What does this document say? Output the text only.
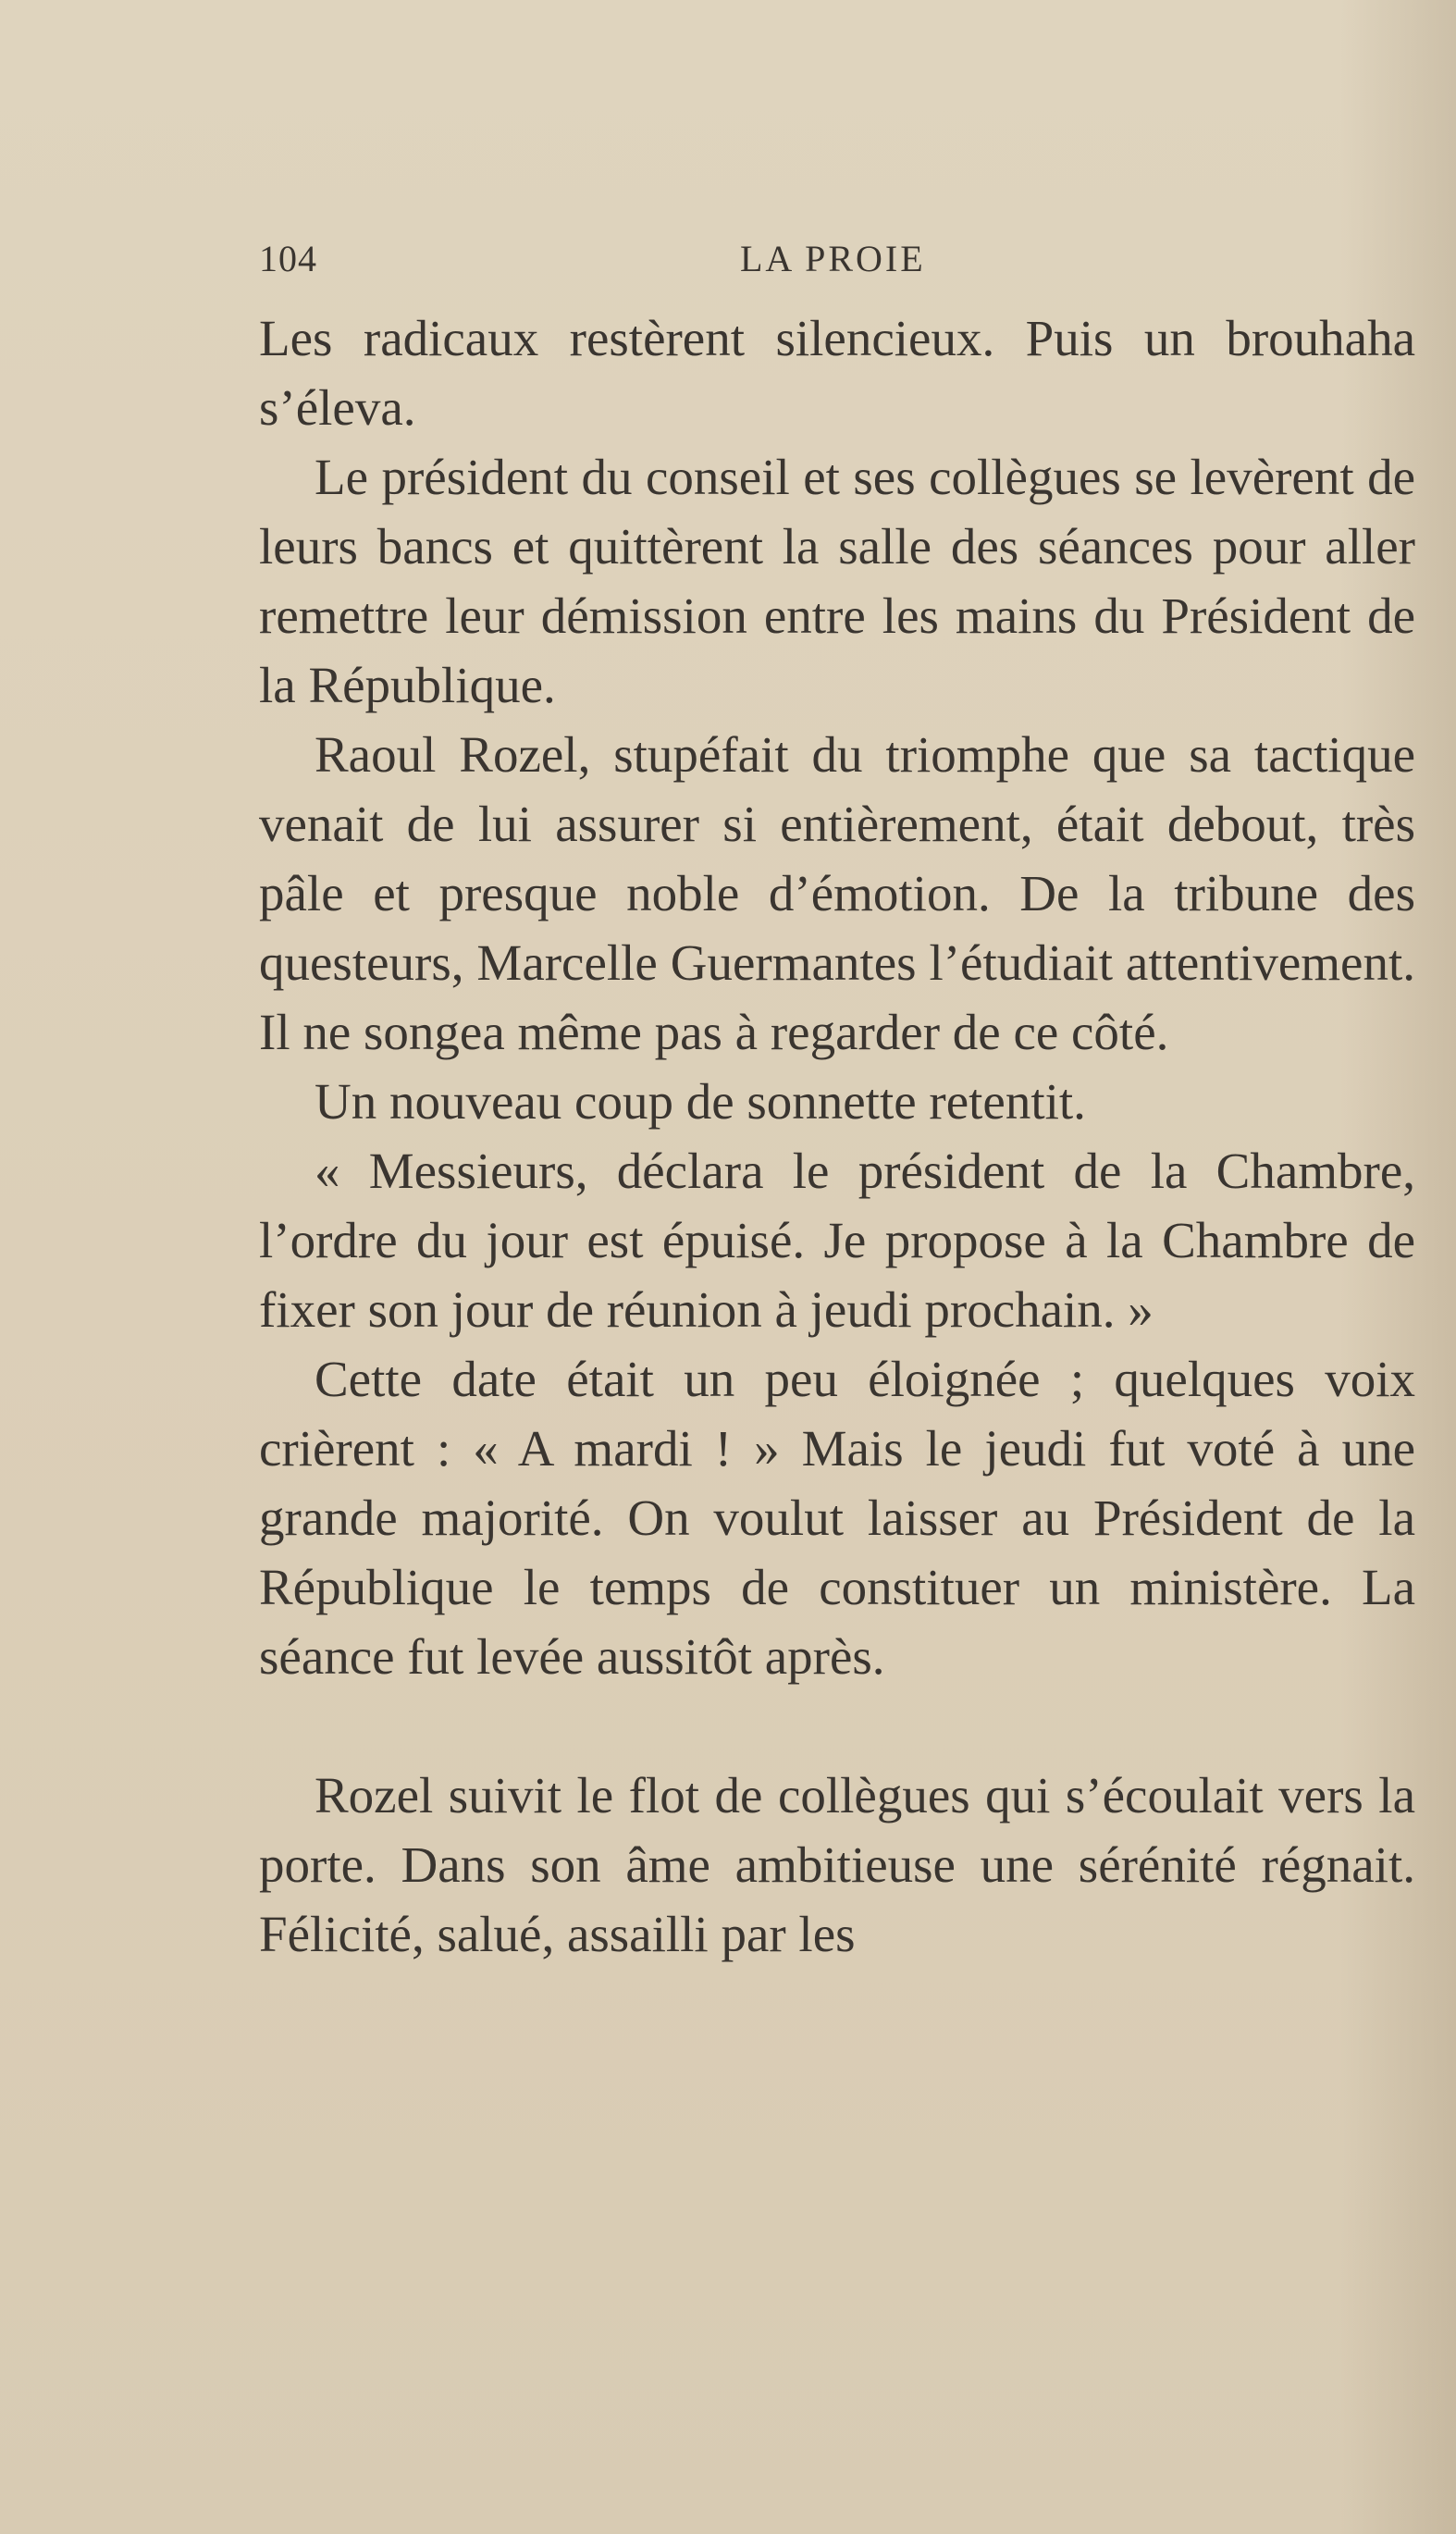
104	LA PROIE

Les radicaux restèrent silencieux. Puis un brouhaha s’éleva.

Le président du conseil et ses collègues se levèrent de leurs bancs et quittèrent la salle des séances pour aller remettre leur démission entre les mains du Président de la République.

Raoul Rozel, stupéfait du triomphe que sa tactique venait de lui assurer si entièrement, était debout, très pâle et presque noble d’émotion. De la tribune des questeurs, Marcelle Guermantes l’étudiait attentivement. Il ne songea même pas à regarder de ce côté.

Un nouveau coup de sonnette retentit.

« Messieurs, déclara le président de la Chambre, l’ordre du jour est épuisé. Je propose à la Chambre de fixer son jour de réunion à jeudi prochain. »

Cette date était un peu éloignée ; quelques voix crièrent : « A mardi ! » Mais le jeudi fut voté à une grande majorité. On voulut laisser au Président de la République le temps de constituer un ministère. La séance fut levée aussitôt après.

Rozel suivit le flot de collègues qui s’écoulait vers la porte. Dans son âme ambitieuse une sérénité régnait. Félicité, salué, assailli par les
